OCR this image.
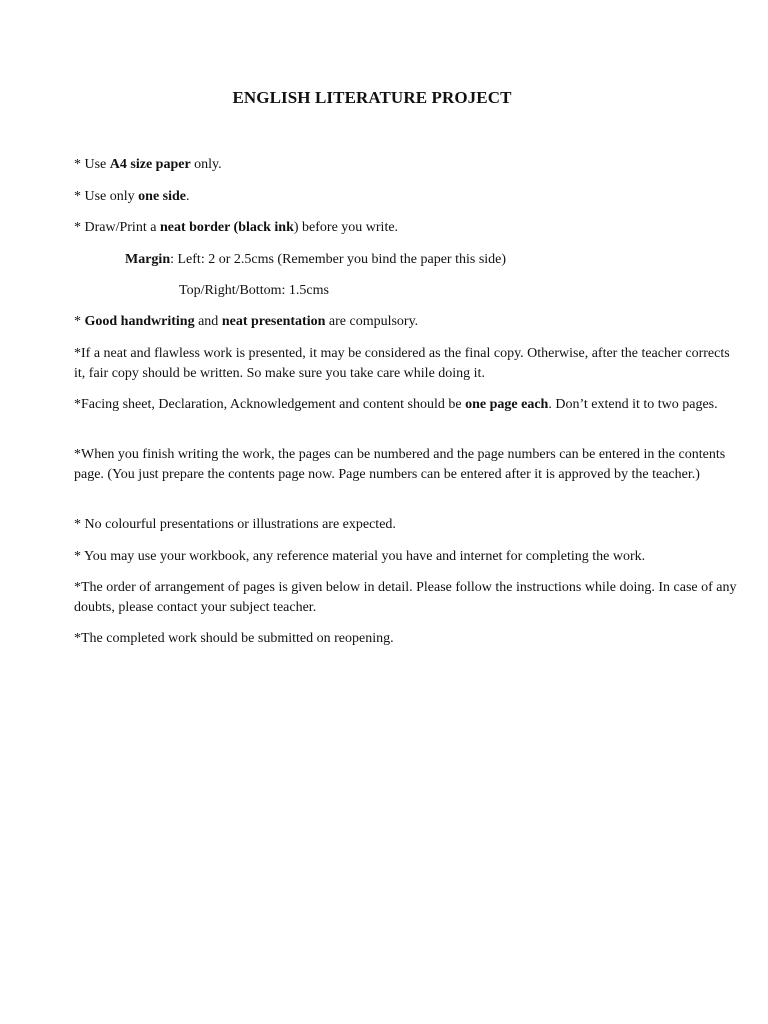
ENGLISH LITERATURE PROJECT

* Use A4 size paper only.

* Use only one side.

* Draw/Print a neat border (black ink) before you write.

Margin: Left: 2 or 2.5cms (Remember you bind the paper this side)

Top/Right/Bottom: 1.5cms

* Good handwriting and neat presentation are compulsory.

*If a neat and flawless work is presented, it may be considered as the final copy. Otherwise, after the teacher corrects it, fair copy should be written. So make sure you take care while doing it.

*Facing sheet, Declaration, Acknowledgement and content should be one page each. Don’t extend it to two pages.

*When you finish writing the work, the pages can be numbered and the page numbers can be entered in the contents page. (You just prepare the contents page now. Page numbers can be entered after it is approved by the teacher.)

* No colourful presentations or illustrations are expected.

* You may use your workbook, any reference material you have and internet for completing the work.

*The order of arrangement of pages is given below in detail. Please follow the instructions while doing. In case of any doubts, please contact your subject teacher.

*The completed work should be submitted on reopening.
